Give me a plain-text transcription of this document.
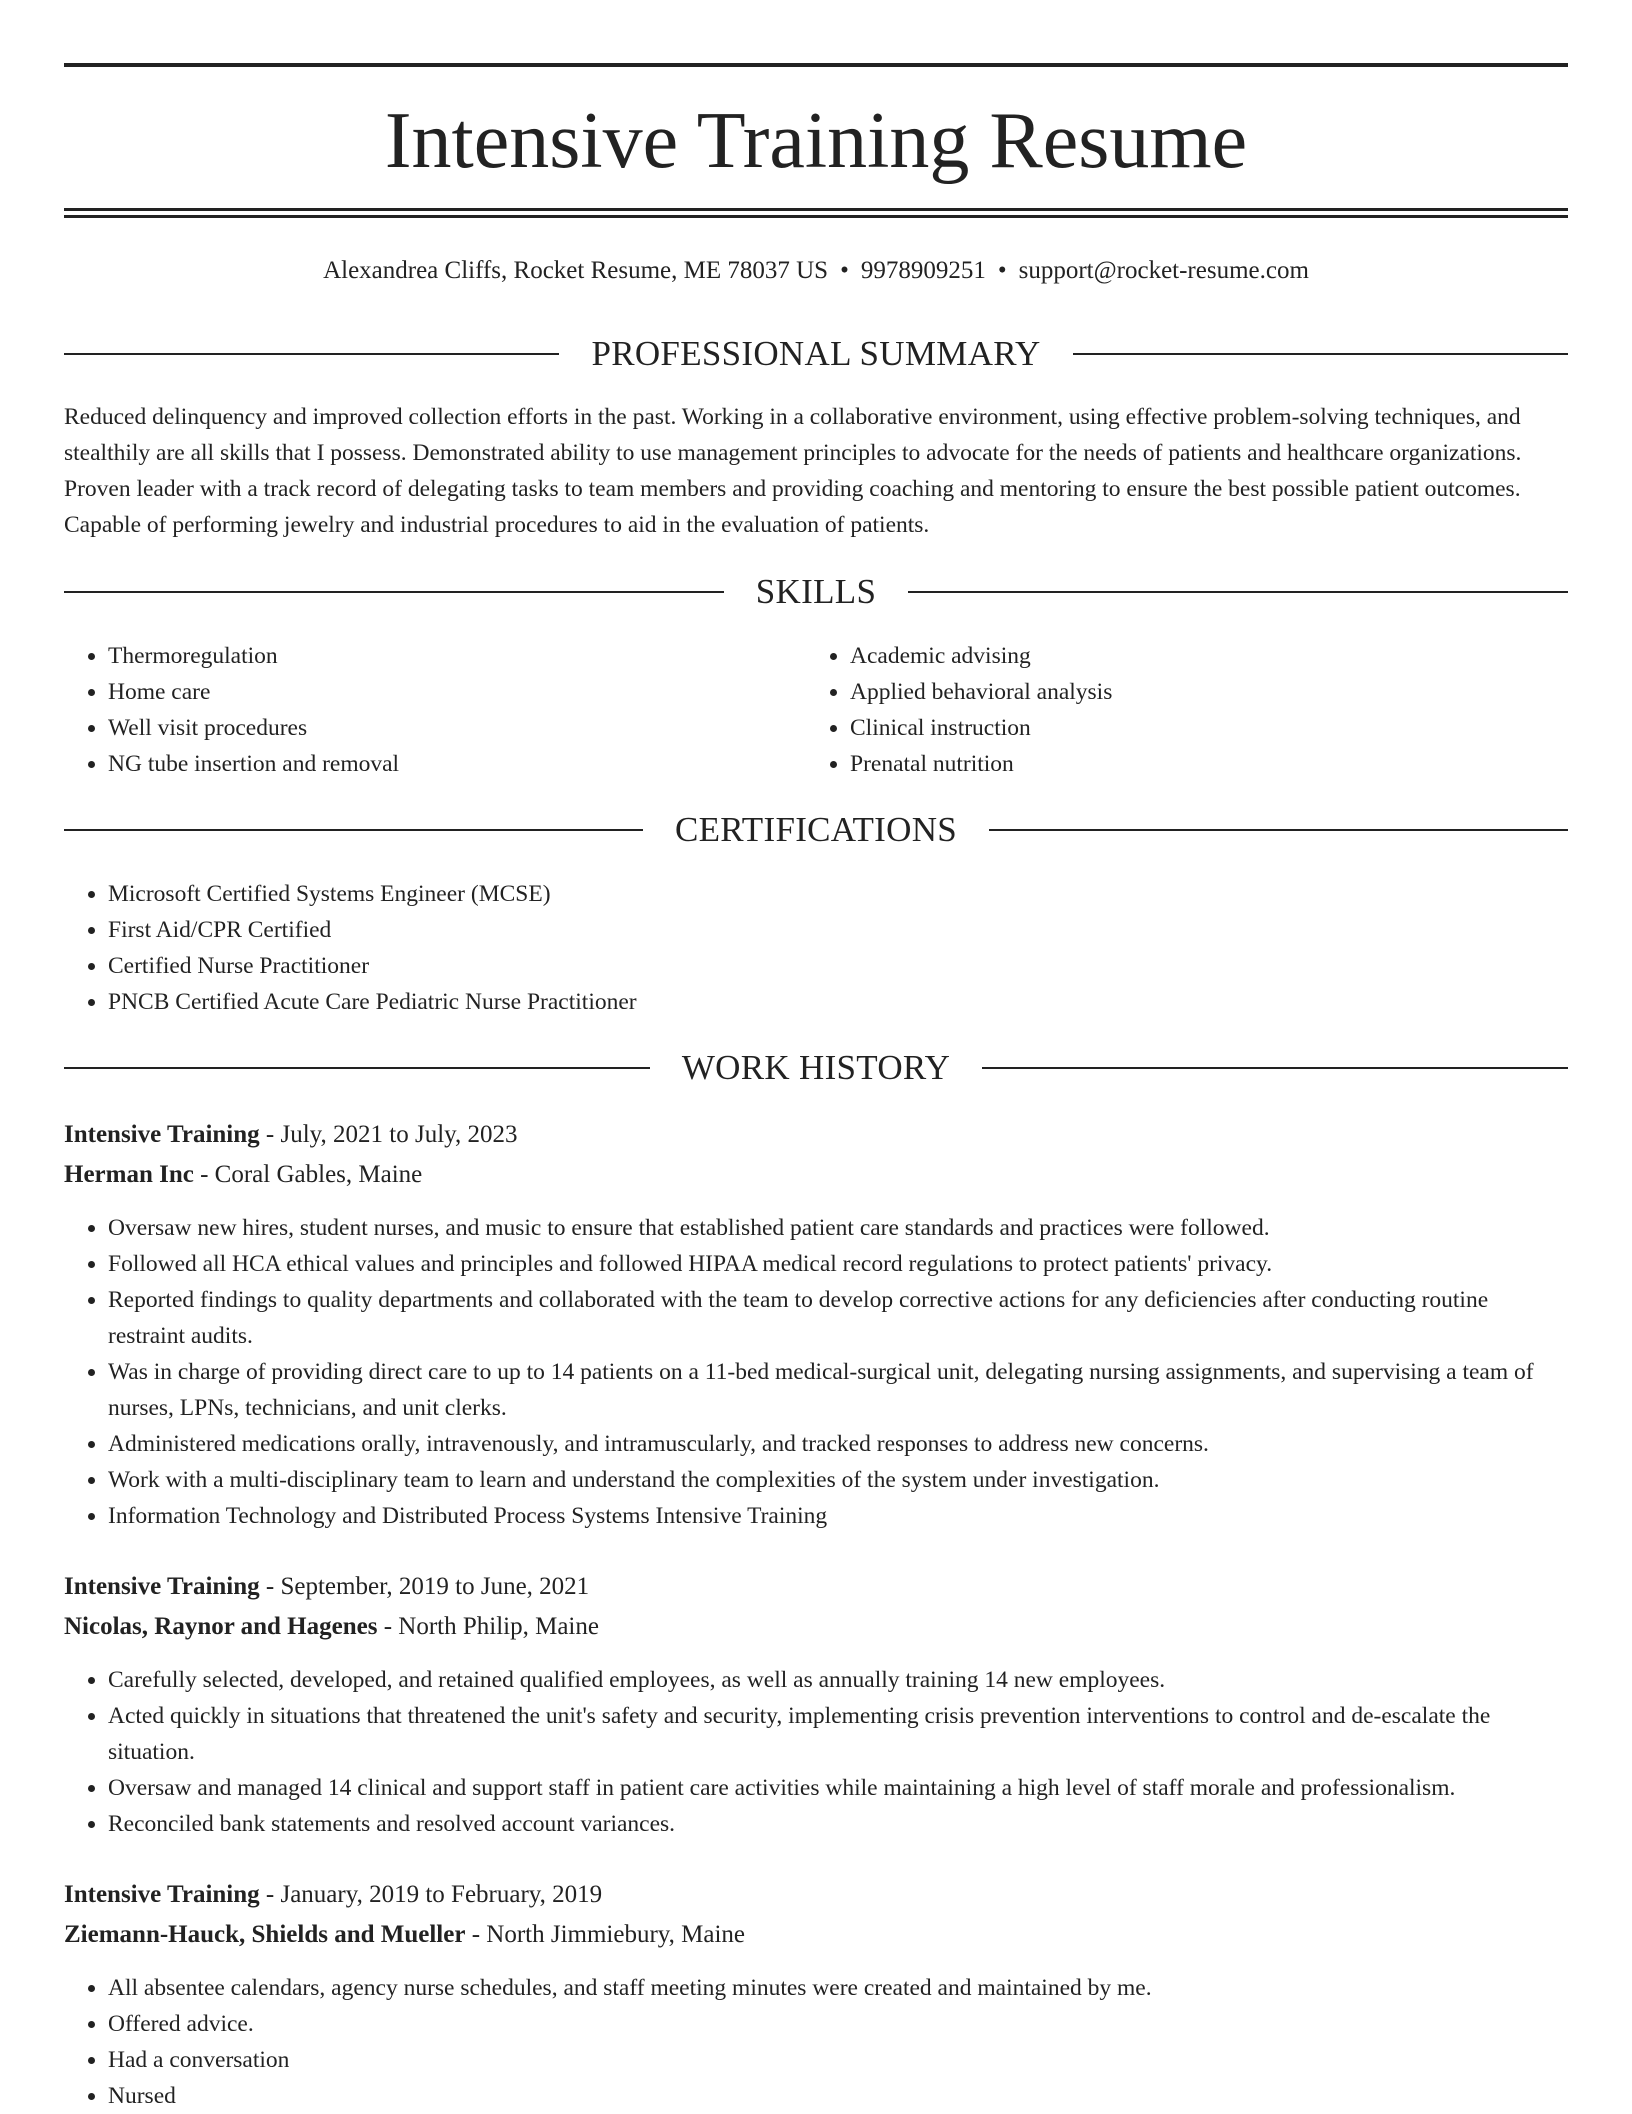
Intensive Training Resume
Alexandrea Cliffs, Rocket Resume, ME 78037 US • 9978909251 • support@rocket-resume.com
PROFESSIONAL SUMMARY
Reduced delinquency and improved collection efforts in the past. Working in a collaborative environment, using effective problem-solving techniques, and stealthily are all skills that I possess. Demonstrated ability to use management principles to advocate for the needs of patients and healthcare organizations. Proven leader with a track record of delegating tasks to team members and providing coaching and mentoring to ensure the best possible patient outcomes. Capable of performing jewelry and industrial procedures to aid in the evaluation of patients.
SKILLS
• Thermoregulation
• Home care
• Well visit procedures
• NG tube insertion and removal
• Academic advising
• Applied behavioral analysis
• Clinical instruction
• Prenatal nutrition
CERTIFICATIONS
• Microsoft Certified Systems Engineer (MCSE)
• First Aid/CPR Certified
• Certified Nurse Practitioner
• PNCB Certified Acute Care Pediatric Nurse Practitioner
WORK HISTORY
Intensive Training - July, 2021 to July, 2023
Herman Inc - Coral Gables, Maine
• Oversaw new hires, student nurses, and music to ensure that established patient care standards and practices were followed.
• Followed all HCA ethical values and principles and followed HIPAA medical record regulations to protect patients' privacy.
• Reported findings to quality departments and collaborated with the team to develop corrective actions for any deficiencies after conducting routine restraint audits.
• Was in charge of providing direct care to up to 14 patients on a 11-bed medical-surgical unit, delegating nursing assignments, and supervising a team of nurses, LPNs, technicians, and unit clerks.
• Administered medications orally, intravenously, and intramuscularly, and tracked responses to address new concerns.
• Work with a multi-disciplinary team to learn and understand the complexities of the system under investigation.
• Information Technology and Distributed Process Systems Intensive Training
Intensive Training - September, 2019 to June, 2021
Nicolas, Raynor and Hagenes - North Philip, Maine
• Carefully selected, developed, and retained qualified employees, as well as annually training 14 new employees.
• Acted quickly in situations that threatened the unit's safety and security, implementing crisis prevention interventions to control and de-escalate the situation.
• Oversaw and managed 14 clinical and support staff in patient care activities while maintaining a high level of staff morale and professionalism.
• Reconciled bank statements and resolved account variances.
Intensive Training - January, 2019 to February, 2019
Ziemann-Hauck, Shields and Mueller - North Jimmiebury, Maine
• All absentee calendars, agency nurse schedules, and staff meeting minutes were created and maintained by me.
• Offered advice.
• Had a conversation
• Nursed
